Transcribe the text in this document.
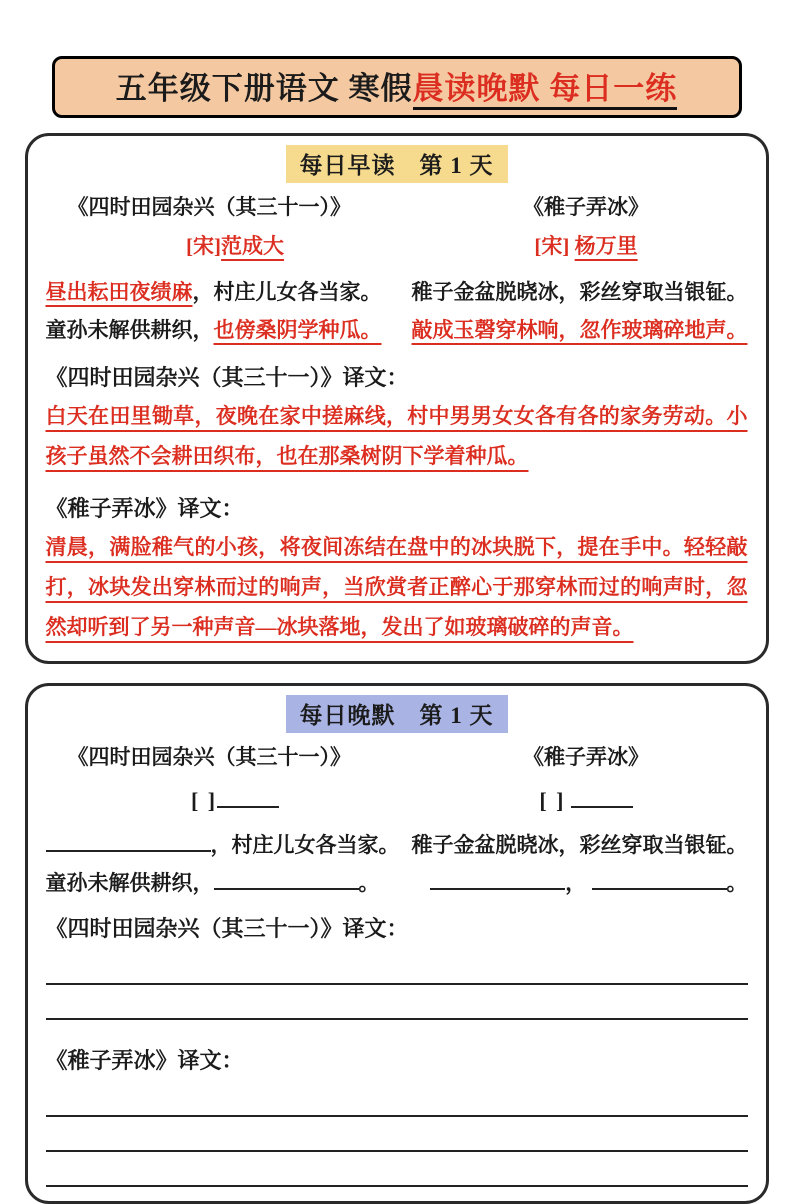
五年级下册语文 寒假晨读晚默 每日一练
每日早读　第 1 天
《四时田园杂兴（其三十一）》	《稚子弄冰》
[宋]范成大	[宋] 杨万里
昼出耘田夜绩麻，村庄儿女各当家。 稚子金盆脱晓冰，彩丝穿取当银钲。
童孙未解供耕织，也傍桑阴学种瓜。 敲成玉磬穿林响，忽作玻璃碎地声。
《四时田园杂兴（其三十一）》译文：
白天在田里锄草，夜晚在家中搓麻线，村中男男女女各有各的家务劳动。小孩子虽然不会耕田织布，也在那桑树阴下学着种瓜。
《稚子弄冰》译文：
清晨，满脸稚气的小孩，将夜间冻结在盘中的冰块脱下，提在手中。轻轻敲打，冰块发出穿林而过的响声，当欣赏者正醉心于那穿林而过的响声时，忽然却听到了另一种声音—冰块落地，发出了如玻璃破碎的声音。
每日晚默　第 1 天
《四时田园杂兴（其三十一）》	《稚子弄冰》
[ ]	[ ]
，村庄儿女各当家。 稚子金盆脱晓冰，彩丝穿取当银钲。
童孙未解供耕织，	。	，	。
《四时田园杂兴（其三十一）》译文：
《稚子弄冰》译文：
